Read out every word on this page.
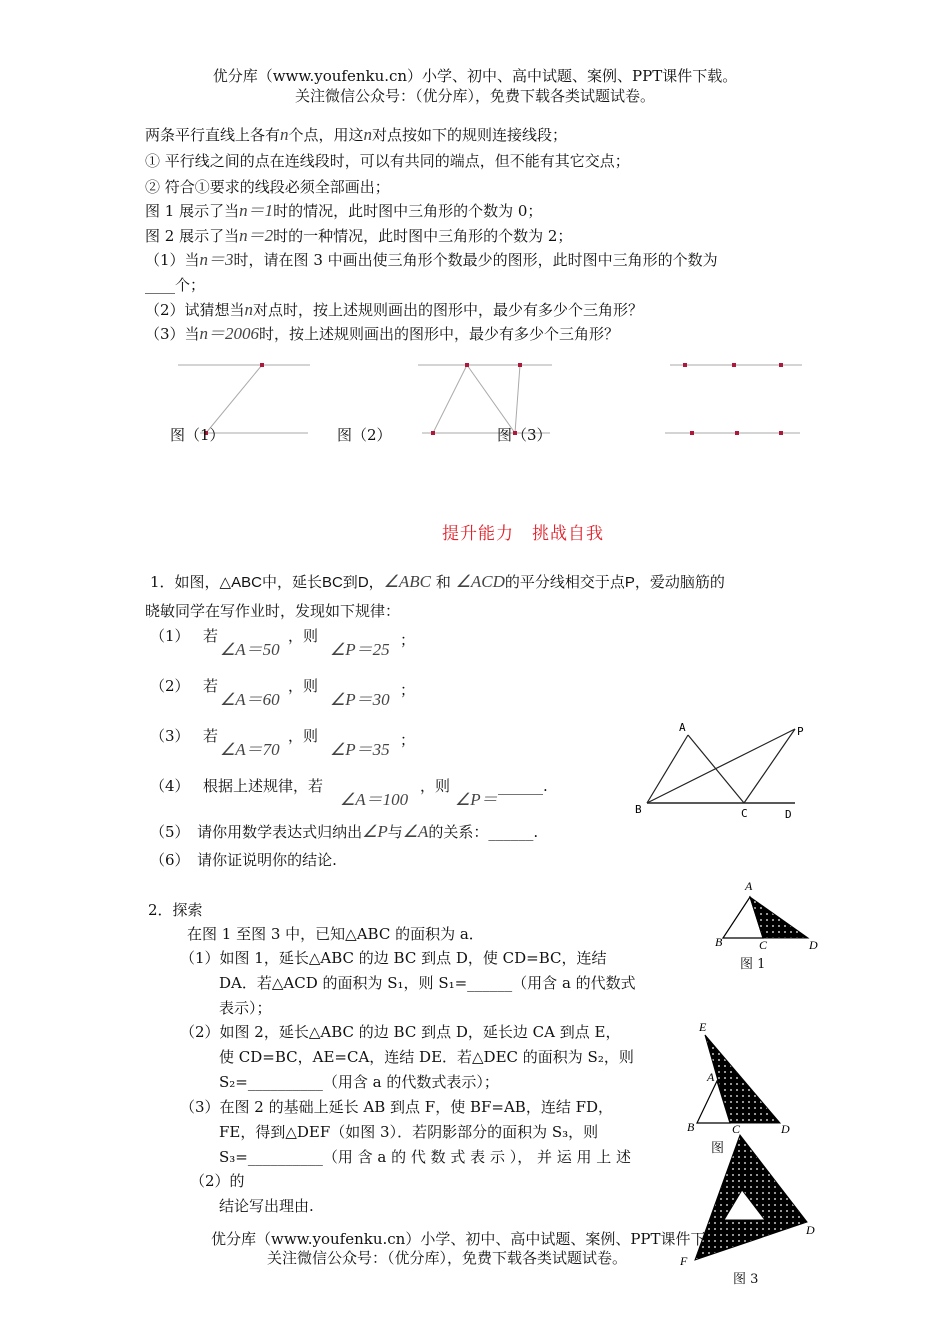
优分库（www.youfenku.cn）小学、初中、高中试题、案例、PPT课件下载。
关注微信公众号：（优分库），免费下载各类试题试卷。
两条平行直线上各有n个点，用这n对点按如下的规则连接线段；
① 平行线之间的点在连线段时，可以有共同的端点，但不能有其它交点；
② 符合①要求的线段必须全部画出；
图 1 展示了当n＝1时的情况，此时图中三角形的个数为 0；
图 2 展示了当n＝2时的一种情况，此时图中三角形的个数为 2；
（1）当n＝3时，请在图 3 中画出使三角形个数最少的图形，此时图中三角形的个数为
____个；
（2）试猜想当n对点时，按上述规则画出的图形中，最少有多少个三角形？
（3）当n＝2006时，按上述规则画出的图形中，最少有多少个三角形？
图（1）	图（2）	图（3）
提升能力　挑战自我
1．如图，△ABC中，延长BC到D，∠ABC 和 ∠ACD的平分线相交于点P，爱动脑筋的
晓敏同学在写作业时，发现如下规律：
（1） 若
∠A＝50
，则
∠P＝25 ；
（2） 若
∠A＝60
，则
∠P＝30 ；
（3） 若
∠A＝70
，则
∠P＝35 ；
（4） 根据上述规律，若
∠A＝100
，则
∠P＝
______.
（5）　 请你用数学表达式归纳出∠P与∠A的关系：______.
（6）　 请你证说明你的结论.
A
B	C	D
P
2．探索
在图 1 至图 3 中，已知△ABC 的面积为 a．
（1）如图 1，延长△ABC 的边 BC 到点 D，使 CD=BC，连结
DA．若△ACD 的面积为 S₁，则 S₁=______（用含 a 的代数式
表示）；
（2）如图 2，延长△ABC 的边 BC 到点 D，延长边 CA 到点 E，
使 CD=BC，AE=CA，连结 DE．若△DEC 的面积为 S₂，则
S₂=__________（用含 a 的代数式表示）；
（3）在图 2 的基础上延长 AB 到点 F，使 BF=AB，连结 FD，
FE，得到△DEF（如图 3）．若阴影部分的面积为 S₃，则
S₃=__________（用 含 a 的 代 数 式 表 示 ）， 并 运 用 上 述
（2）的
结论写出理由.
A
B	C	D
图 1
E
A
B	C	D
图
D
F
图 3
优分库（www.youfenku.cn）小学、初中、高中试题、案例、PPT课件下
关注微信公众号：（优分库），免费下载各类试题试卷。
